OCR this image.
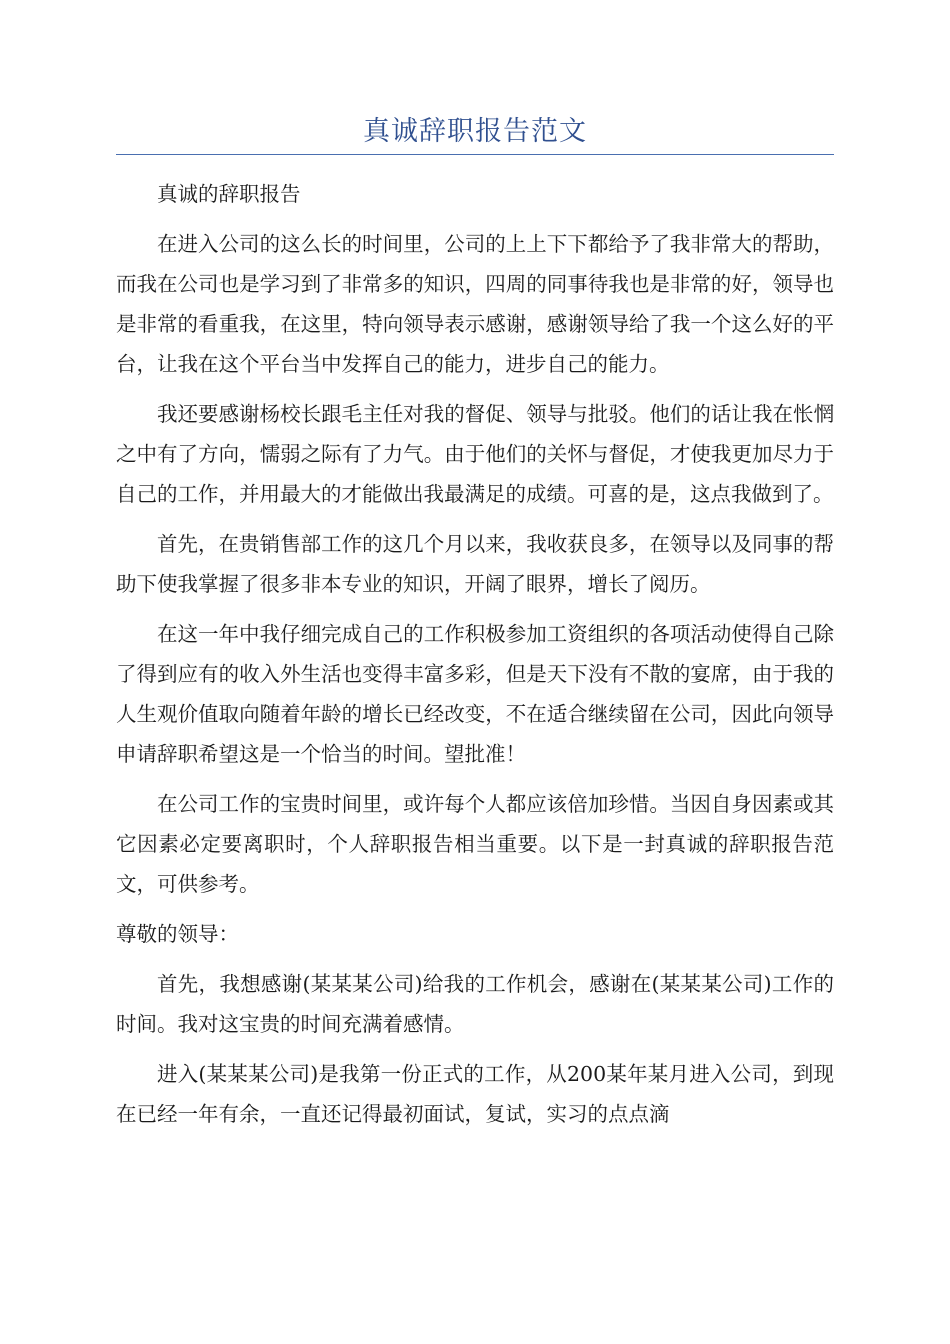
真诚辞职报告范文

真诚的辞职报告

在进入公司的这么长的时间里，公司的上上下下都给予了我非常大的帮助，而我在公司也是学习到了非常多的知识，四周的同事待我也是非常的好，领导也是非常的看重我，在这里，特向领导表示感谢，感谢领导给了我一个这么好的平台，让我在这个平台当中发挥自己的能力，进步自己的能力。

我还要感谢杨校长跟毛主任对我的督促、领导与批驳。他们的话让我在怅惘之中有了方向，懦弱之际有了力气。由于他们的关怀与督促，才使我更加尽力于自己的工作，并用最大的才能做出我最满足的成绩。可喜的是，这点我做到了。

首先，在贵销售部工作的这几个月以来，我收获良多，在领导以及同事的帮助下使我掌握了很多非本专业的知识，开阔了眼界，增长了阅历。

在这一年中我仔细完成自己的工作积极参加工资组织的各项活动使得自己除了得到应有的收入外生活也变得丰富多彩，但是天下没有不散的宴席，由于我的人生观价值取向随着年龄的增长已经改变，不在适合继续留在公司，因此向领导申请辞职希望这是一个恰当的时间。望批准！

在公司工作的宝贵时间里，或许每个人都应该倍加珍惜。当因自身因素或其它因素必定要离职时，个人辞职报告相当重要。以下是一封真诚的辞职报告范文，可供参考。

尊敬的领导：

首先，我想感谢(某某某公司)给我的工作机会，感谢在(某某某公司)工作的时间。我对这宝贵的时间充满着感情。

进入(某某某公司)是我第一份正式的工作，从200某年某月进入公司，到现在已经一年有余，一直还记得最初面试，复试，实习的点点滴
